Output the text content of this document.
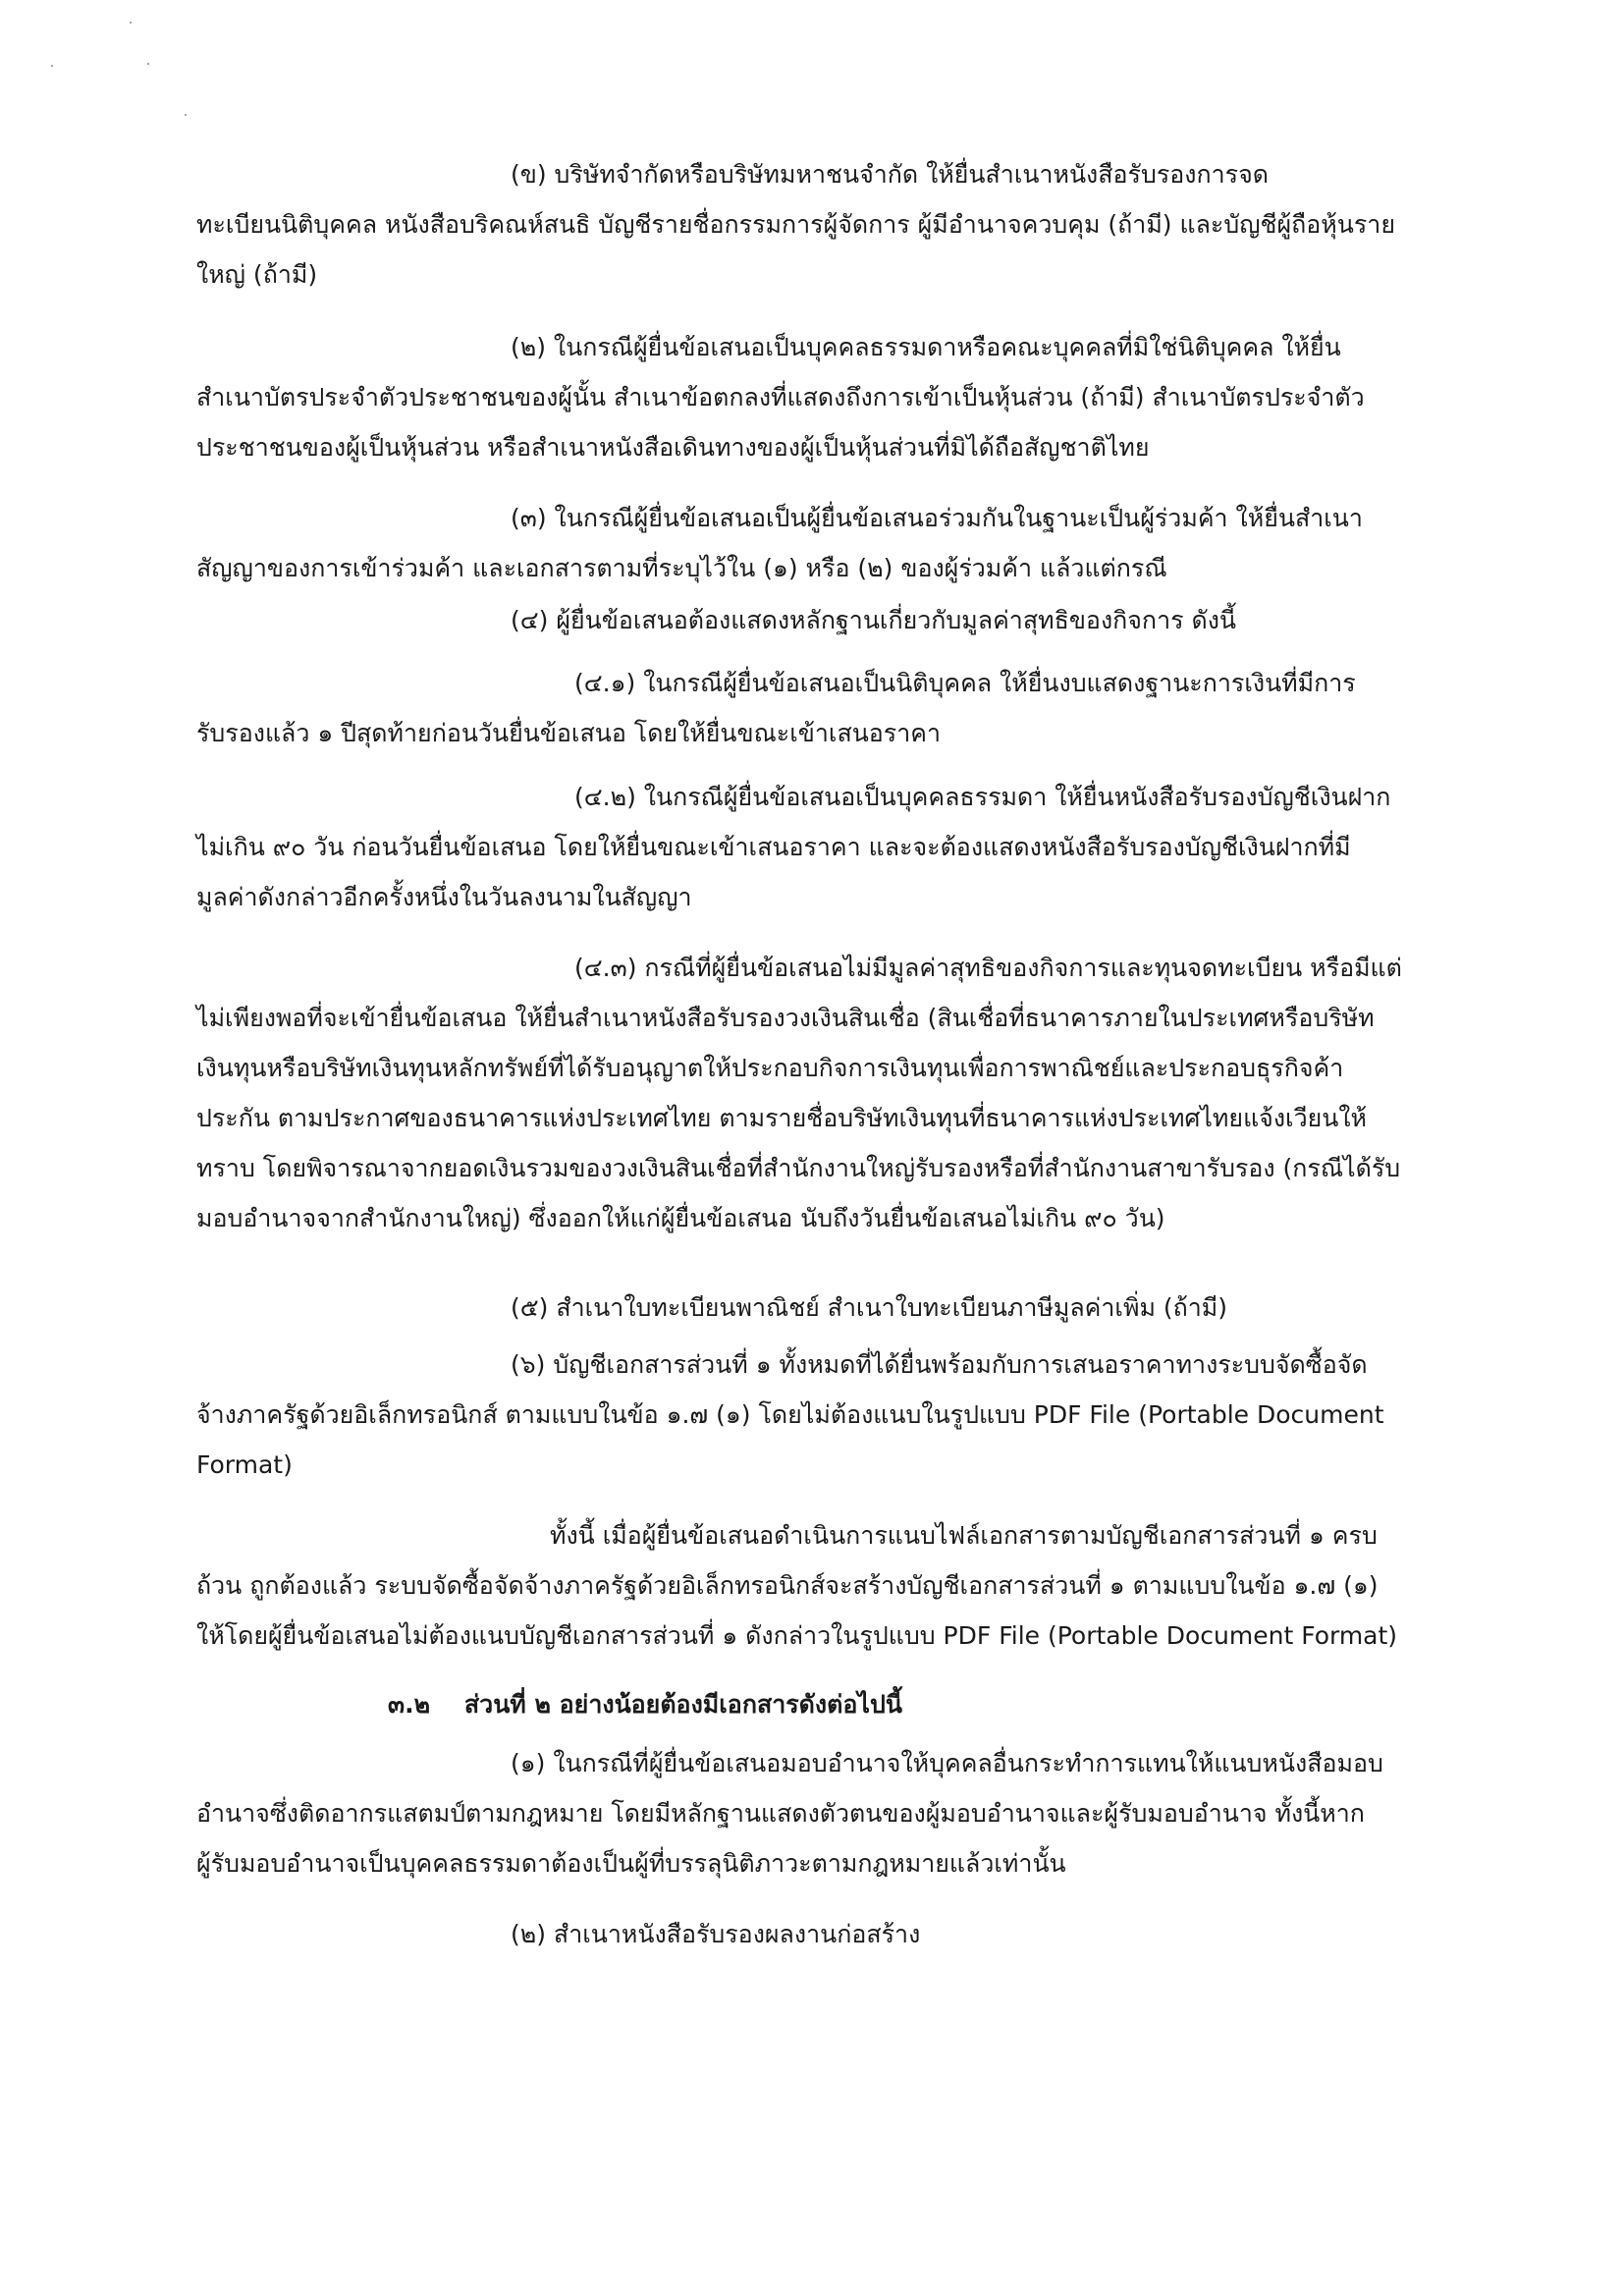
(ข) บริษัทจำกัดหรือบริษัทมหาชนจำกัด ให้ยื่นสำเนาหนังสือรับรองการจด
ทะเบียนนิติบุคคล หนังสือบริคณห์สนธิ บัญชีรายชื่อกรรมการผู้จัดการ ผู้มีอำนาจควบคุม (ถ้ามี) และบัญชีผู้ถือหุ้นราย
ใหญ่ (ถ้ามี)
(๒) ในกรณีผู้ยื่นข้อเสนอเป็นบุคคลธรรมดาหรือคณะบุคคลที่มิใช่นิติบุคคล ให้ยื่น
สำเนาบัตรประจำตัวประชาชนของผู้นั้น สำเนาข้อตกลงที่แสดงถึงการเข้าเป็นหุ้นส่วน (ถ้ามี) สำเนาบัตรประจำตัว
ประชาชนของผู้เป็นหุ้นส่วน หรือสำเนาหนังสือเดินทางของผู้เป็นหุ้นส่วนที่มิได้ถือสัญชาติไทย
(๓) ในกรณีผู้ยื่นข้อเสนอเป็นผู้ยื่นข้อเสนอร่วมกันในฐานะเป็นผู้ร่วมค้า ให้ยื่นสำเนา
สัญญาของการเข้าร่วมค้า และเอกสารตามที่ระบุไว้ใน (๑) หรือ (๒) ของผู้ร่วมค้า แล้วแต่กรณี
(๔) ผู้ยื่นข้อเสนอต้องแสดงหลักฐานเกี่ยวกับมูลค่าสุทธิของกิจการ ดังนี้
(๔.๑) ในกรณีผู้ยื่นข้อเสนอเป็นนิติบุคคล ให้ยื่นงบแสดงฐานะการเงินที่มีการ
รับรองแล้ว ๑ ปีสุดท้ายก่อนวันยื่นข้อเสนอ โดยให้ยื่นขณะเข้าเสนอราคา
(๔.๒) ในกรณีผู้ยื่นข้อเสนอเป็นบุคคลธรรมดา ให้ยื่นหนังสือรับรองบัญชีเงินฝาก
ไม่เกิน ๙๐ วัน ก่อนวันยื่นข้อเสนอ โดยให้ยื่นขณะเข้าเสนอราคา และจะต้องแสดงหนังสือรับรองบัญชีเงินฝากที่มี
มูลค่าดังกล่าวอีกครั้งหนึ่งในวันลงนามในสัญญา
(๔.๓) กรณีที่ผู้ยื่นข้อเสนอไม่มีมูลค่าสุทธิของกิจการและทุนจดทะเบียน หรือมีแต่
ไม่เพียงพอที่จะเข้ายื่นข้อเสนอ ให้ยื่นสำเนาหนังสือรับรองวงเงินสินเชื่อ (สินเชื่อที่ธนาคารภายในประเทศหรือบริษัท
เงินทุนหรือบริษัทเงินทุนหลักทรัพย์ที่ได้รับอนุญาตให้ประกอบกิจการเงินทุนเพื่อการพาณิชย์และประกอบธุรกิจค้า
ประกัน ตามประกาศของธนาคารแห่งประเทศไทย ตามรายชื่อบริษัทเงินทุนที่ธนาคารแห่งประเทศไทยแจ้งเวียนให้
ทราบ โดยพิจารณาจากยอดเงินรวมของวงเงินสินเชื่อที่สำนักงานใหญ่รับรองหรือที่สำนักงานสาขารับรอง (กรณีได้รับ
มอบอำนาจจากสำนักงานใหญ่) ซึ่งออกให้แก่ผู้ยื่นข้อเสนอ นับถึงวันยื่นข้อเสนอไม่เกิน ๙๐ วัน)
(๕) สำเนาใบทะเบียนพาณิชย์ สำเนาใบทะเบียนภาษีมูลค่าเพิ่ม (ถ้ามี)
(๖) บัญชีเอกสารส่วนที่ ๑ ทั้งหมดที่ได้ยื่นพร้อมกับการเสนอราคาทางระบบจัดซื้อจัด
จ้างภาครัฐด้วยอิเล็กทรอนิกส์ ตามแบบในข้อ ๑.๗ (๑) โดยไม่ต้องแนบในรูปแบบ PDF File (Portable Document
Format)
ทั้งนี้ เมื่อผู้ยื่นข้อเสนอดำเนินการแนบไฟล์เอกสารตามบัญชีเอกสารส่วนที่ ๑ ครบ
ถ้วน ถูกต้องแล้ว ระบบจัดซื้อจัดจ้างภาครัฐด้วยอิเล็กทรอนิกส์จะสร้างบัญชีเอกสารส่วนที่ ๑ ตามแบบในข้อ ๑.๗ (๑)
ให้โดยผู้ยื่นข้อเสนอไม่ต้องแนบบัญชีเอกสารส่วนที่ ๑ ดังกล่าวในรูปแบบ PDF File (Portable Document Format)
๓.๒ ส่วนที่ ๒ อย่างน้อยต้องมีเอกสารดังต่อไปนี้
(๑) ในกรณีที่ผู้ยื่นข้อเสนอมอบอำนาจให้บุคคลอื่นกระทำการแทนให้แนบหนังสือมอบ
อำนาจซึ่งติดอากรแสตมป์ตามกฎหมาย โดยมีหลักฐานแสดงตัวตนของผู้มอบอำนาจและผู้รับมอบอำนาจ ทั้งนี้หาก
ผู้รับมอบอำนาจเป็นบุคคลธรรมดาต้องเป็นผู้ที่บรรลุนิติภาวะตามกฎหมายแล้วเท่านั้น
(๒) สำเนาหนังสือรับรองผลงานก่อสร้าง
